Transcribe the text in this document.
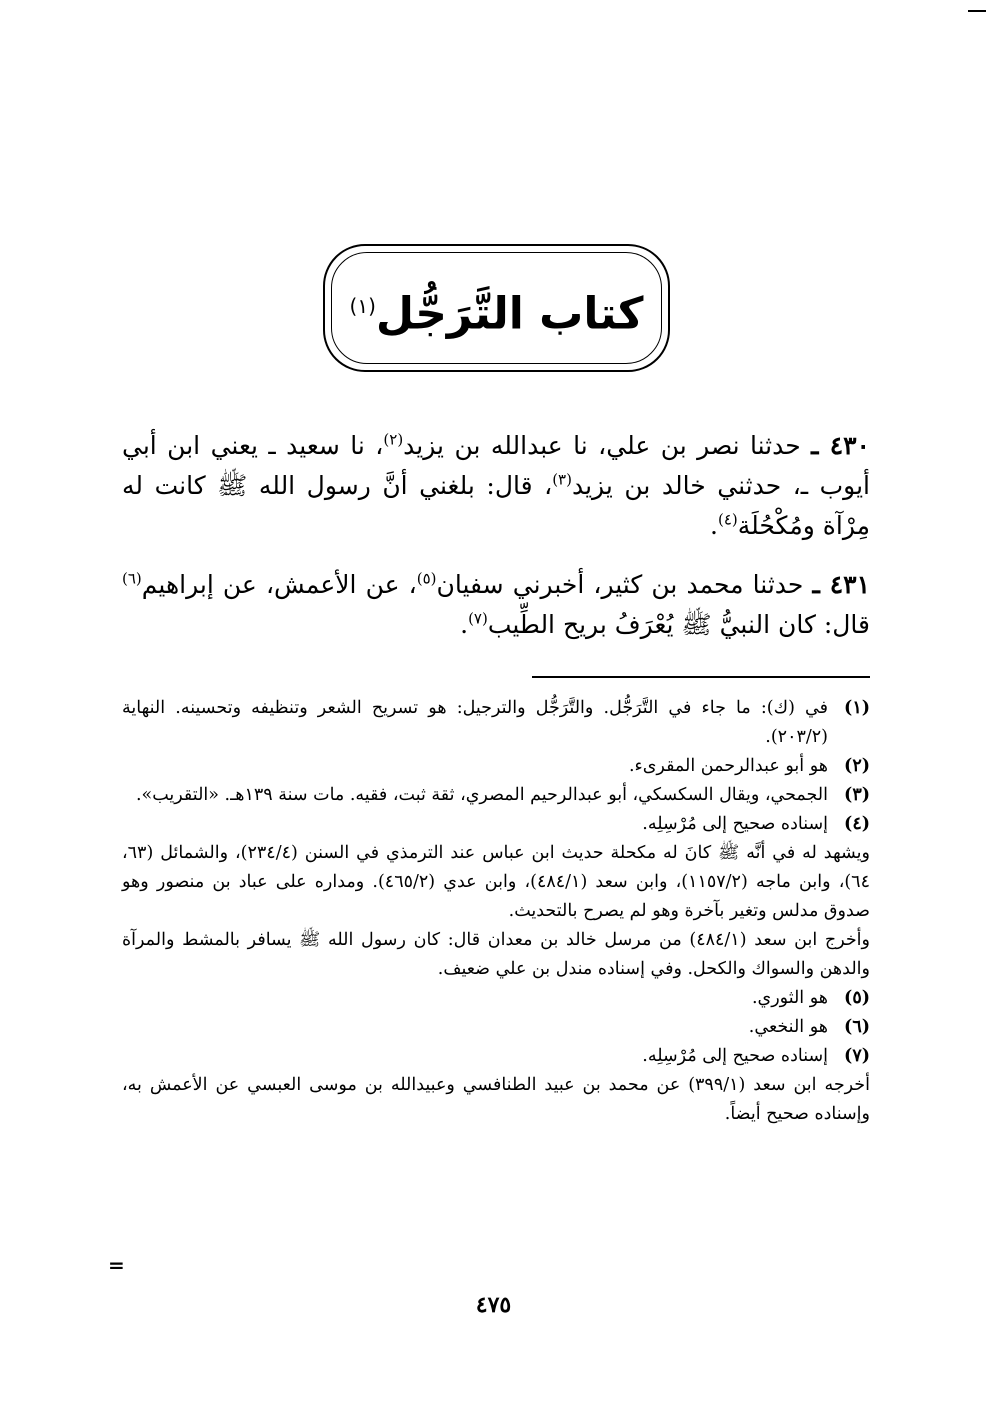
كتاب التَّرَجُّل$^{(١)}$
٤٣٠ ـ حدثنا نصر بن علي، نا عبدالله بن يزيد$^{(٢)}$، نا سعيد ـ يعني ابن أبي أيوب ـ، حدثني خالد بن يزيد$^{(٣)}$، قال: بلغني أنَّ رسول الله ﷺ كانت له مِرْآة ومُكْحُلَة$^{(٤)}$.
٤٣١ ـ حدثنا محمد بن كثير، أخبرني سفيان$^{(٥)}$، عن الأعمش، عن إبراهيم$^{(٦)}$ قال: كان النبيُّ ﷺ يُعْرَفُ بريح الطِّيب$^{(٧)}$.
(١)
في (ك): ما جاء في التَّرَجُّل. والتَّرَجُّل والترجيل: هو تسريح الشعر وتنظيفه وتحسينه. النهاية (٢٠٣/٢).
(٢)
هو أبو عبدالرحمن المقرىء.
(٣)
الجمحي، ويقال السكسكي، أبو عبدالرحيم المصري، ثقة ثبت، فقيه. مات سنة ١٣٩هـ. «التقريب».
(٤)
إسناده صحيح إلى مُرْسِلِه.
ويشهد له في أنَّه ﷺ كانَ له مكحلة حديث ابن عباس عند الترمذي في السنن (٢٣٤/٤)، والشمائل (٦٣، ٦٤)، وابن ماجه (١١٥٧/٢)، وابن سعد (٤٨٤/١)، وابن عدي (٤٦٥/٢). ومداره على عباد بن منصور وهو صدوق مدلس وتغير بآخرة وهو لم يصرح بالتحديث.
وأخرج ابن سعد (٤٨٤/١) من مرسل خالد بن معدان قال: كان رسول الله ﷺ يسافر بالمشط والمرآة والدهن والسواك والكحل. وفي إسناده مندل بن علي ضعيف.
(٥)
هو الثوري.
(٦)
هو النخعي.
(٧)
إسناده صحيح إلى مُرْسِلِه.
أخرجه ابن سعد (٣٩٩/١) عن محمد بن عبيد الطنافسي وعبيدالله بن موسى العبسي عن الأعمش به، وإسناده صحيح أيضاً.
=
٤٧٥
